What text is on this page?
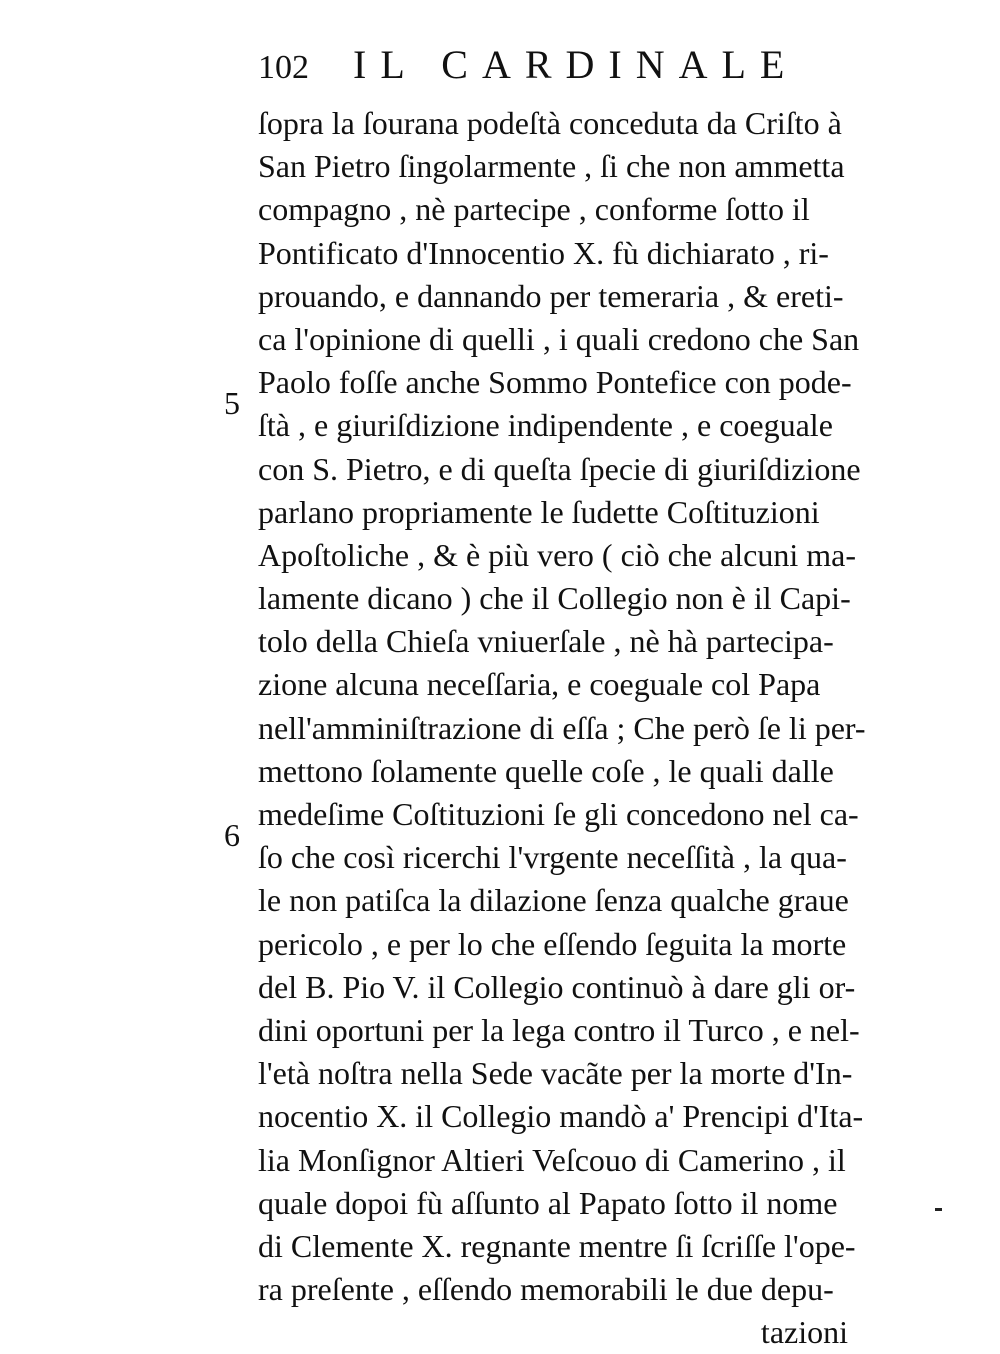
102 IL CARDINALE
5
6
ſopra la ſourana podeſtà conceduta da Criſto à
San Pietro ſingolarmente , ſi che non ammetta
compagno , nè partecipe , conforme ſotto il
Pontificato d'Innocentio X. fù dichiarato , ri-
prouando, e dannando per temeraria , & ereti-
ca l'opinione di quelli , i quali credono che San
Paolo foſſe anche Sommo Pontefice con pode-
ſtà , e giuriſdizione indipendente , e coeguale
con S. Pietro, e di queſta ſpecie di giuriſdizione
parlano propriamente le ſudette Coſtituzioni
Apoſtoliche , & è più vero ( ciò che alcuni ma-
lamente dicano ) che il Collegio non è il Capi-
tolo della Chieſa vniuerſale , nè hà partecipa-
zione alcuna neceſſaria, e coeguale col Papa
nell'amminiſtrazione di eſſa ; Che però ſe li per-
mettono ſolamente quelle coſe , le quali dalle
medeſime Coſtituzioni ſe gli concedono nel ca-
ſo che così ricerchi l'vrgente neceſſità , la qua-
le non patiſca la dilazione ſenza qualche graue
pericolo , e per lo che eſſendo ſeguita la morte
del B. Pio V. il Collegio continuò à dare gli or-
dini oportuni per la lega contro il Turco , e nel-
l'età noſtra nella Sede vacãte per la morte d'In-
nocentio X. il Collegio mandò a' Prencipi d'Ita-
lia Monſignor Altieri Veſcouo di Camerino , il
quale dopoi fù aſſunto al Papato ſotto il nome
di Clemente X. regnante mentre ſi ſcriſſe l'ope-
ra preſente , eſſendo memorabili le due depu-
tazioni
